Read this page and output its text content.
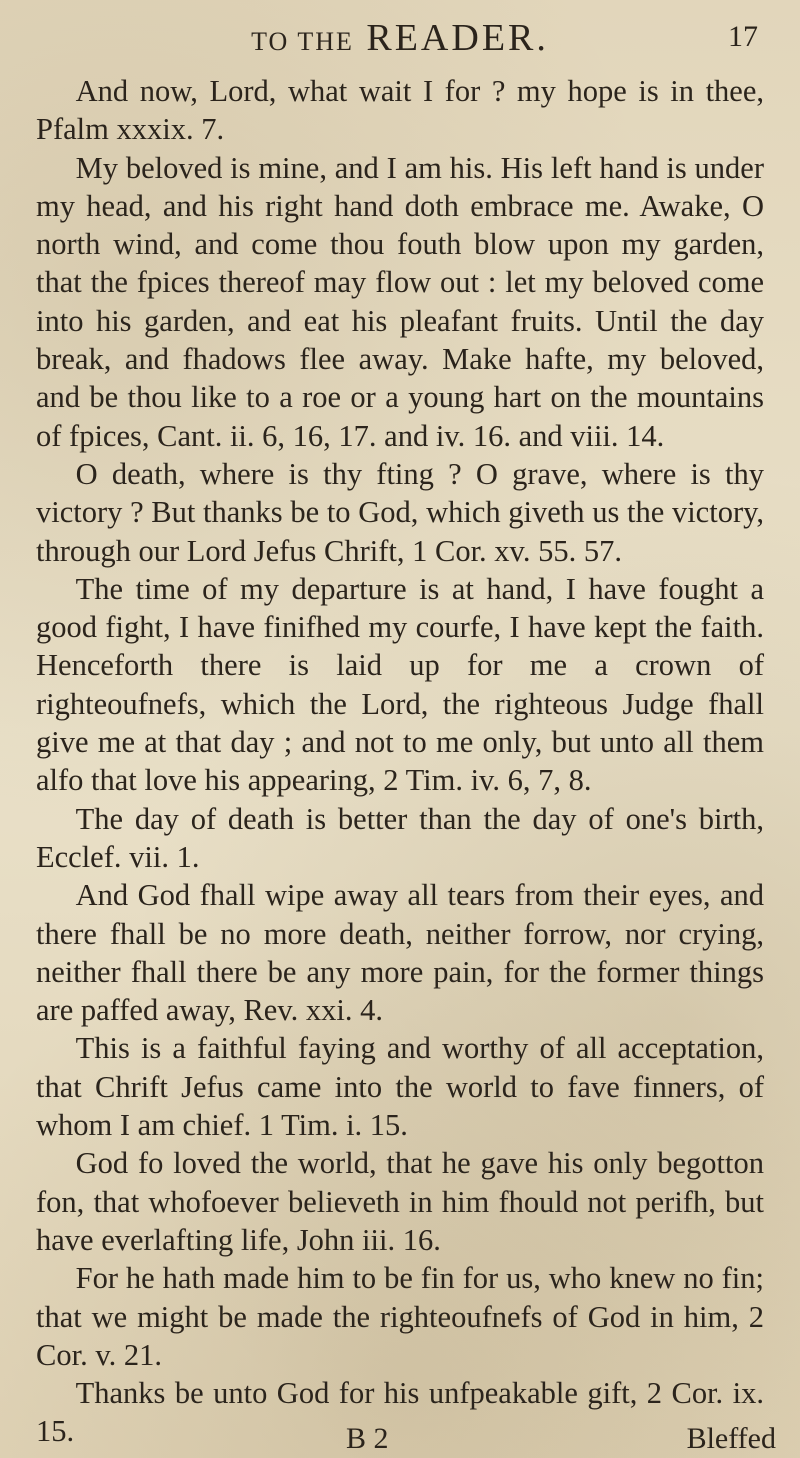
TO THE READER.	17

And now, Lord, what wait I for ? my hope is in thee, Pfalm xxxix. 7.

My beloved is mine, and I am his. His left hand is under my head, and his right hand doth embrace me. Awake, O north wind, and come thou fouth blow upon my garden, that the fpices thereof may flow out : let my beloved come into his garden, and eat his pleafant fruits. Until the day break, and fhadows flee away. Make hafte, my beloved, and be thou like to a roe or a young hart on the mountains of fpices, Cant. ii. 6, 16, 17. and iv. 16. and viii. 14.

O death, where is thy fting ? O grave, where is thy victory ? But thanks be to God, which giveth us the victory, through our Lord Jefus Chrift, 1 Cor. xv. 55. 57.

The time of my departure is at hand, I have fought a good fight, I have finifhed my courfe, I have kept the faith. Henceforth there is laid up for me a crown of righteoufnefs, which the Lord, the righteous Judge fhall give me at that day ; and not to me only, but unto all them alfo that love his appearing, 2 Tim. iv. 6, 7, 8.

The day of death is better than the day of one's birth, Ecclef. vii. 1.

And God fhall wipe away all tears from their eyes, and there fhall be no more death, neither forrow, nor crying, neither fhall there be any more pain, for the former things are paffed away, Rev. xxi. 4.

This is a faithful faying and worthy of all acceptation, that Chrift Jefus came into the world to fave finners, of whom I am chief. 1 Tim. i. 15.

God fo loved the world, that he gave his only begotton fon, that whofoever believeth in him fhould not perifh, but have everlafting life, John iii. 16.

For he hath made him to be fin for us, who knew no fin; that we might be made the righteoufnefs of God in him, 2 Cor. v. 21.

Thanks be unto God for his unfpeakable gift, 2 Cor. ix. 15.	B 2	Bleffed
